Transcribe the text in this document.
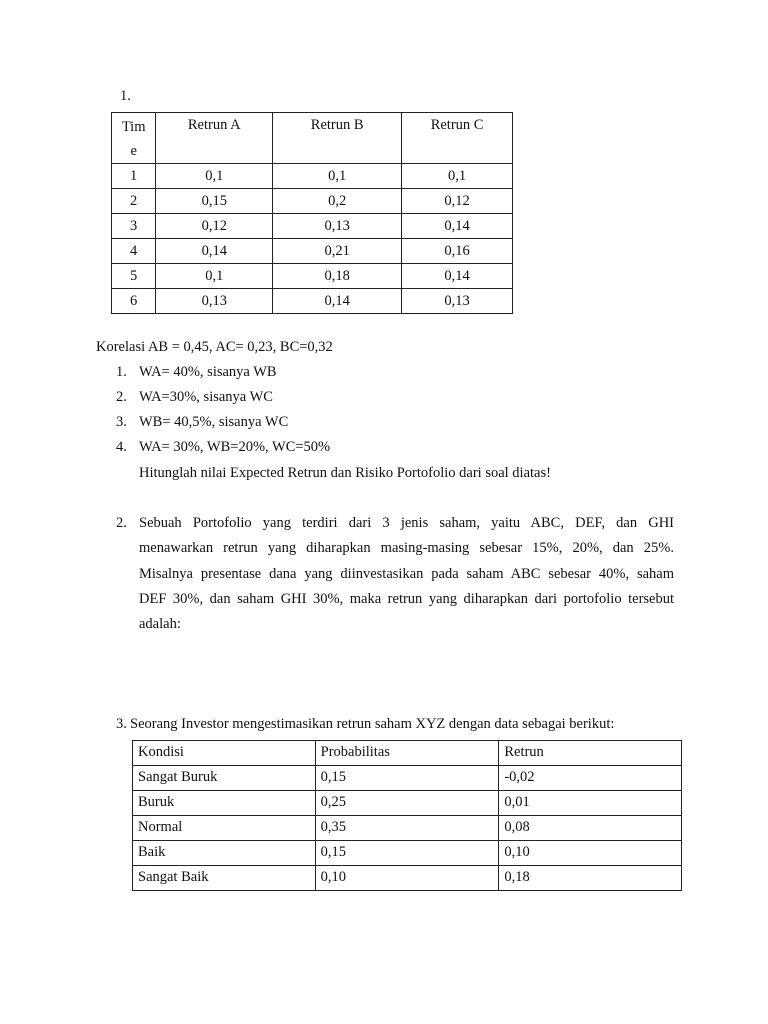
1.
Tim
e	Retrun A	Retrun B	Retrun C
1	0,1	0,1	0,1
2	0,15	0,2	0,12
3	0,12	0,13	0,14
4	0,14	0,21	0,16
5	0,1	0,18	0,14
6	0,13	0,14	0,13
Korelasi AB = 0,45, AC= 0,23, BC=0,32
1. WA= 40%, sisanya WB
2. WA=30%, sisanya WC
3. WB= 40,5%, sisanya WC
4. WA= 30%, WB=20%, WC=50%
Hitunglah nilai Expected Retrun dan Risiko Portofolio dari soal diatas!
2. Sebuah Portofolio yang terdiri dari 3 jenis saham, yaitu ABC, DEF, dan GHI
menawarkan retrun yang diharapkan masing-masing sebesar 15%, 20%, dan 25%.
Misalnya presentase dana yang diinvestasikan pada saham ABC sebesar 40%, saham
DEF 30%, dan saham GHI 30%, maka retrun yang diharapkan dari portofolio tersebut
adalah:
3. Seorang Investor mengestimasikan retrun saham XYZ dengan data sebagai berikut:
Kondisi	Probabilitas	Retrun
Sangat Buruk	0,15	-0,02
Buruk	0,25	0,01
Normal	0,35	0,08
Baik	0,15	0,10
Sangat Baik	0,10	0,18
